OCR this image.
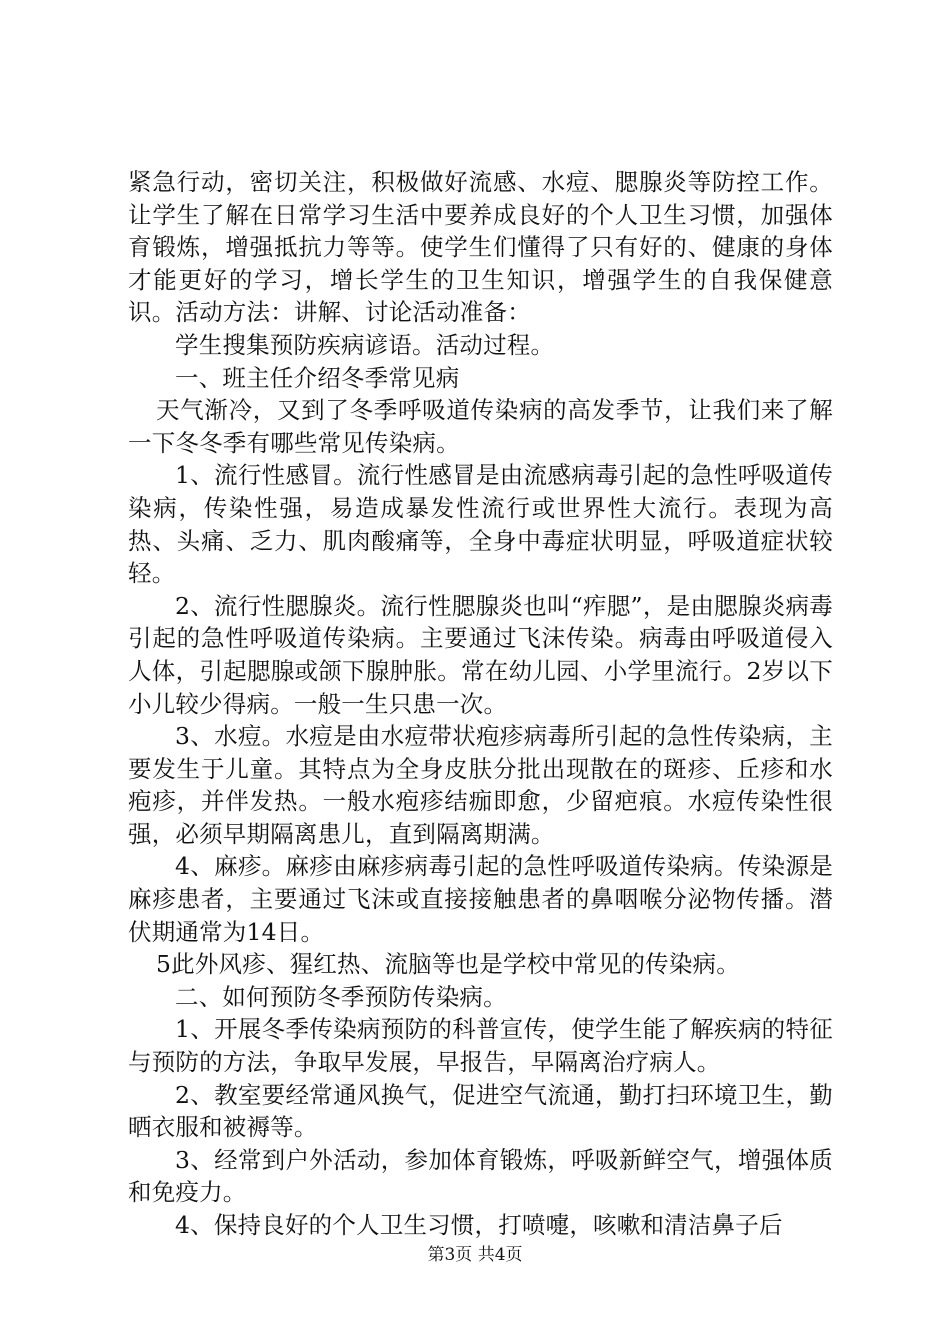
紧急行动，密切关注，积极做好流感、水痘、腮腺炎等防控工作。让学生了解在日常学习生活中要养成良好的个人卫生习惯，加强体育锻炼，增强抵抗力等等。使学生们懂得了只有好的、健康的身体才能更好的学习，增长学生的卫生知识，增强学生的自我保健意识。活动方法：讲解、讨论活动准备：

学生搜集预防疾病谚语。活动过程。

一、班主任介绍冬季常见病

天气渐冷，又到了冬季呼吸道传染病的高发季节，让我们来了解一下冬冬季有哪些常见传染病。

1、流行性感冒。流行性感冒是由流感病毒引起的急性呼吸道传染病，传染性强，易造成暴发性流行或世界性大流行。表现为高热、头痛、乏力、肌肉酸痛等，全身中毒症状明显，呼吸道症状较轻。

2、流行性腮腺炎。流行性腮腺炎也叫“痄腮”，是由腮腺炎病毒引起的急性呼吸道传染病。主要通过飞沫传染。病毒由呼吸道侵入人体，引起腮腺或颌下腺肿胀。常在幼儿园、小学里流行。2岁以下小儿较少得病。一般一生只患一次。

3、水痘。水痘是由水痘带状疱疹病毒所引起的急性传染病，主要发生于儿童。其特点为全身皮肤分批出现散在的斑疹、丘疹和水疱疹，并伴发热。一般水疱疹结痂即愈，少留疤痕。水痘传染性很强，必须早期隔离患儿，直到隔离期满。

4、麻疹。麻疹由麻疹病毒引起的急性呼吸道传染病。传染源是麻疹患者，主要通过飞沫或直接接触患者的鼻咽喉分泌物传播。潜伏期通常为14日。

5此外风疹、猩红热、流脑等也是学校中常见的传染病。

二、如何预防冬季预防传染病。

1、开展冬季传染病预防的科普宣传，使学生能了解疾病的特征与预防的方法，争取早发展，早报告，早隔离治疗病人。

2、教室要经常通风换气，促进空气流通，勤打扫环境卫生，勤晒衣服和被褥等。

3、经常到户外活动，参加体育锻炼，呼吸新鲜空气，增强体质和免疫力。

4、保持良好的个人卫生习惯，打喷嚏，咳嗽和清洁鼻子后

第3页 共4页
